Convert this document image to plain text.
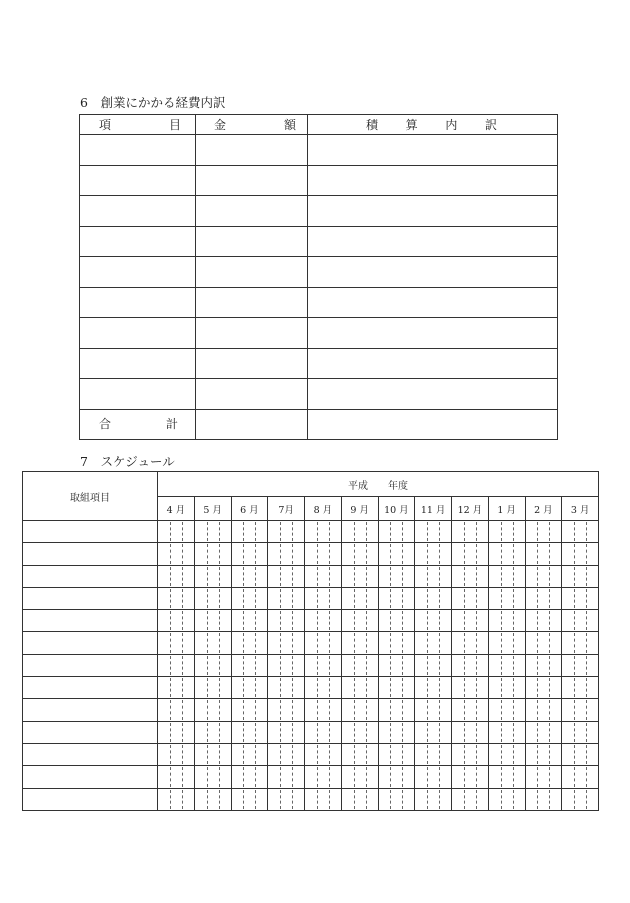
6　創業にかかる経費内訳
項 目	金 額	積 算 内 訳

合 計		

7　スケジュール
取組項目	平成　　年度											
	4 月	5 月	6 月	7月	8 月	9 月	10 月	11 月	12 月	1 月	2 月	3 月
